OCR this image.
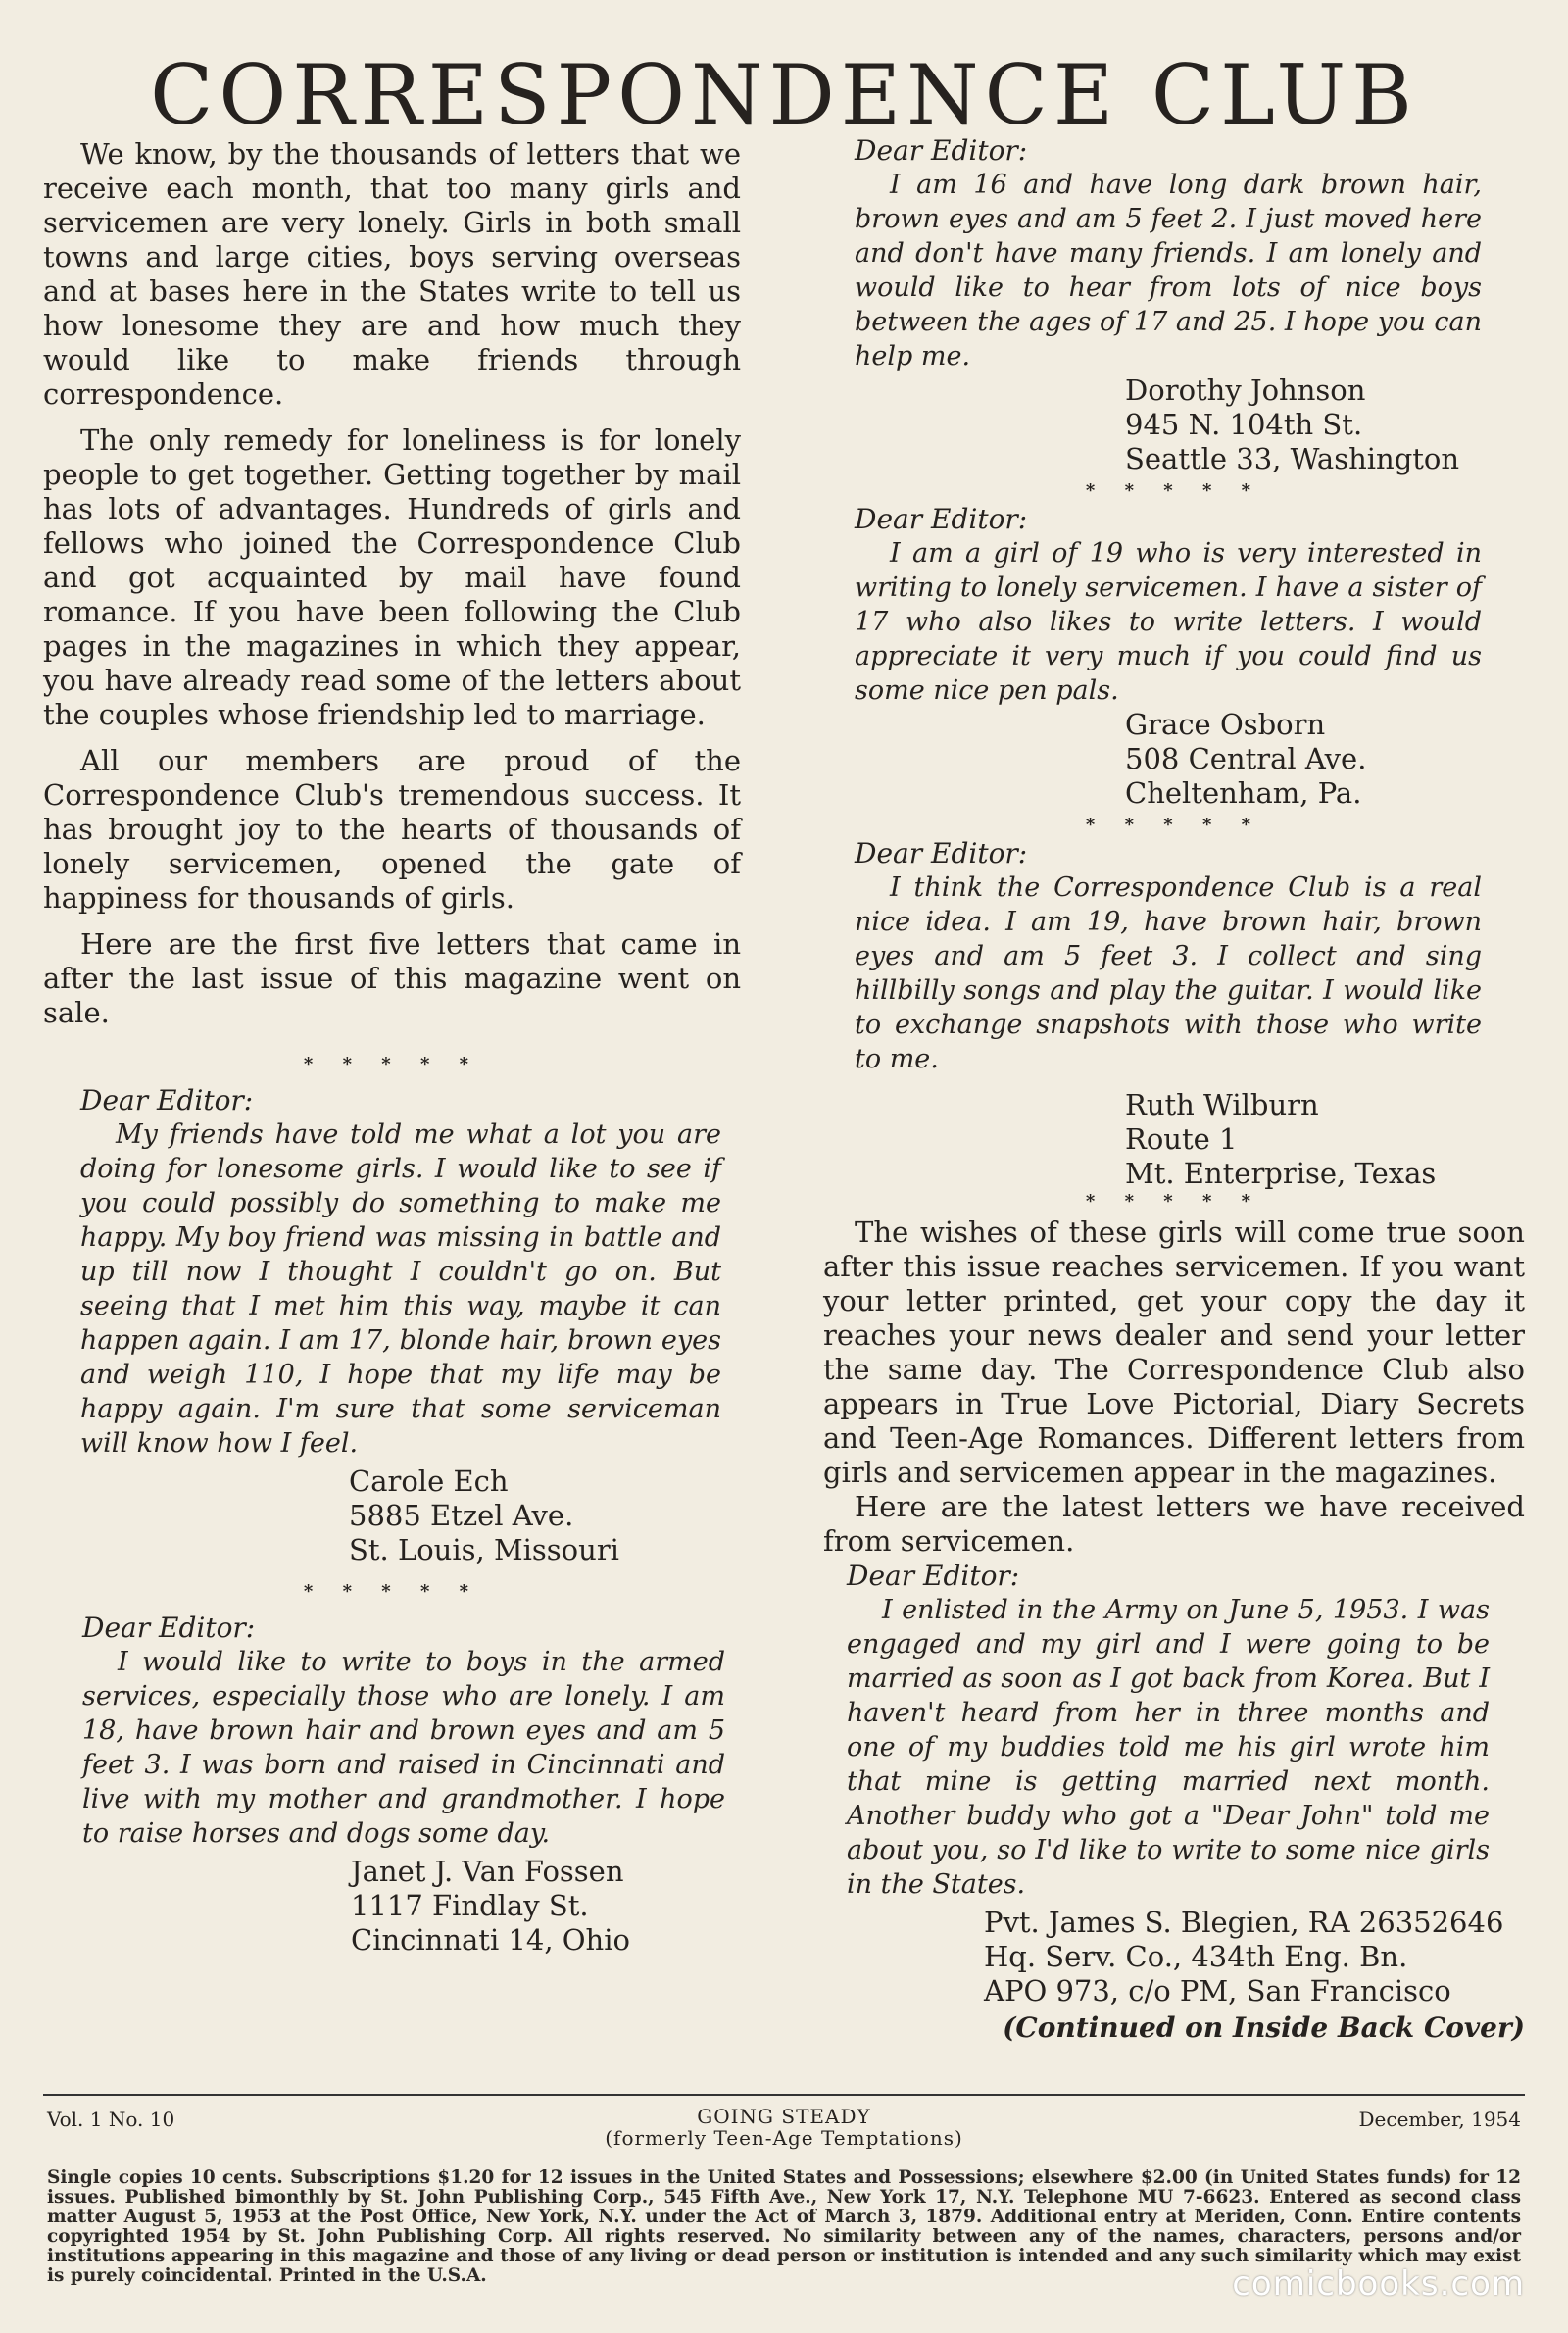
CORRESPONDENCE CLUB

We know, by the thousands of letters that we receive each month, that too many girls and servicemen are very lonely. Girls in both small towns and large cities, boys serving overseas and at bases here in the States write to tell us how lonesome they are and how much they would like to make friends through correspondence.

The only remedy for loneliness is for lonely people to get together. Getting together by mail has lots of advantages. Hundreds of girls and fellows who joined the Correspondence Club and got acquainted by mail have found romance. If you have been following the Club pages in the magazines in which they appear, you have already read some of the letters about the couples whose friendship led to marriage.

All our members are proud of the Correspondence Club's tremendous success. It has brought joy to the hearts of thousands of lonely servicemen, opened the gate of happiness for thousands of girls.

Here are the first five letters that came in after the last issue of this magazine went on sale.

* * * * *
Dear Editor:

My friends have told me what a lot you are doing for lonesome girls. I would like to see if you could possibly do something to make me happy. My boy friend was missing in battle and up till now I thought I couldn't go on. But seeing that I met him this way, maybe it can happen again. I am 17, blonde hair, brown eyes and weigh 110, I hope that my life may be happy again. I'm sure that some serviceman will know how I feel.

Carole Ech
5885 Etzel Ave.
St. Louis, Missouri
* * * * *
Dear Editor:

I would like to write to boys in the armed services, especially those who are lonely. I am 18, have brown hair and brown eyes and am 5 feet 3. I was born and raised in Cincinnati and live with my mother and grandmother. I hope to raise horses and dogs some day.

Janet J. Van Fossen
1117 Findlay St.
Cincinnati 14, Ohio
Dear Editor:

I am 16 and have long dark brown hair, brown eyes and am 5 feet 2. I just moved here and don't have many friends. I am lonely and would like to hear from lots of nice boys between the ages of 17 and 25. I hope you can help me.

Dorothy Johnson
945 N. 104th St.
Seattle 33, Washington
* * * * *
Dear Editor:

I am a girl of 19 who is very interested in writing to lonely servicemen. I have a sister of 17 who also likes to write letters. I would appreciate it very much if you could find us some nice pen pals.

Grace Osborn
508 Central Ave.
Cheltenham, Pa.
* * * * *
Dear Editor:

I think the Correspondence Club is a real nice idea. I am 19, have brown hair, brown eyes and am 5 feet 3. I collect and sing hillbilly songs and play the guitar. I would like to exchange snapshots with those who write to me.

Ruth Wilburn
Route 1
Mt. Enterprise, Texas
* * * * *

The wishes of these girls will come true soon after this issue reaches servicemen. If you want your letter printed, get your copy the day it reaches your news dealer and send your letter the same day. The Correspondence Club also appears in True Love Pictorial, Diary Secrets and Teen-Age Romances. Different letters from girls and servicemen appear in the magazines.

Here are the latest letters we have received from servicemen.

Dear Editor:

I enlisted in the Army on June 5, 1953. I was engaged and my girl and I were going to be married as soon as I got back from Korea. But I haven't heard from her in three months and one of my buddies told me his girl wrote him that mine is getting married next month. Another buddy who got a "Dear John" told me about you, so I'd like to write to some nice girls in the States.

Pvt. James S. Blegien, RA 26352646
Hq. Serv. Co., 434th Eng. Bn.
APO 973, c/o PM, San Francisco
(Continued on Inside Back Cover)
Vol. 1 No. 10	GOING STEADY
(formerly Teen-Age Temptations)
December, 1954

Single copies 10 cents. Subscriptions $1.20 for 12 issues in the United States and Possessions; elsewhere $2.00 (in United States funds) for 12 issues. Published bimonthly by St. John Publishing Corp., 545 Fifth Ave., New York 17, N.Y. Telephone MU 7-6623. Entered as second class matter August 5, 1953 at the Post Office, New York, N.Y. under the Act of March 3, 1879. Additional entry at Meriden, Conn. Entire contents copyrighted 1954 by St. John Publishing Corp. All rights reserved. No similarity between any of the names, characters, persons and/or institutions appearing in this magazine and those of any living or dead person or institution is intended and any such similarity which may exist is purely coincidental. Printed in the U.S.A.	comicbooks.com
